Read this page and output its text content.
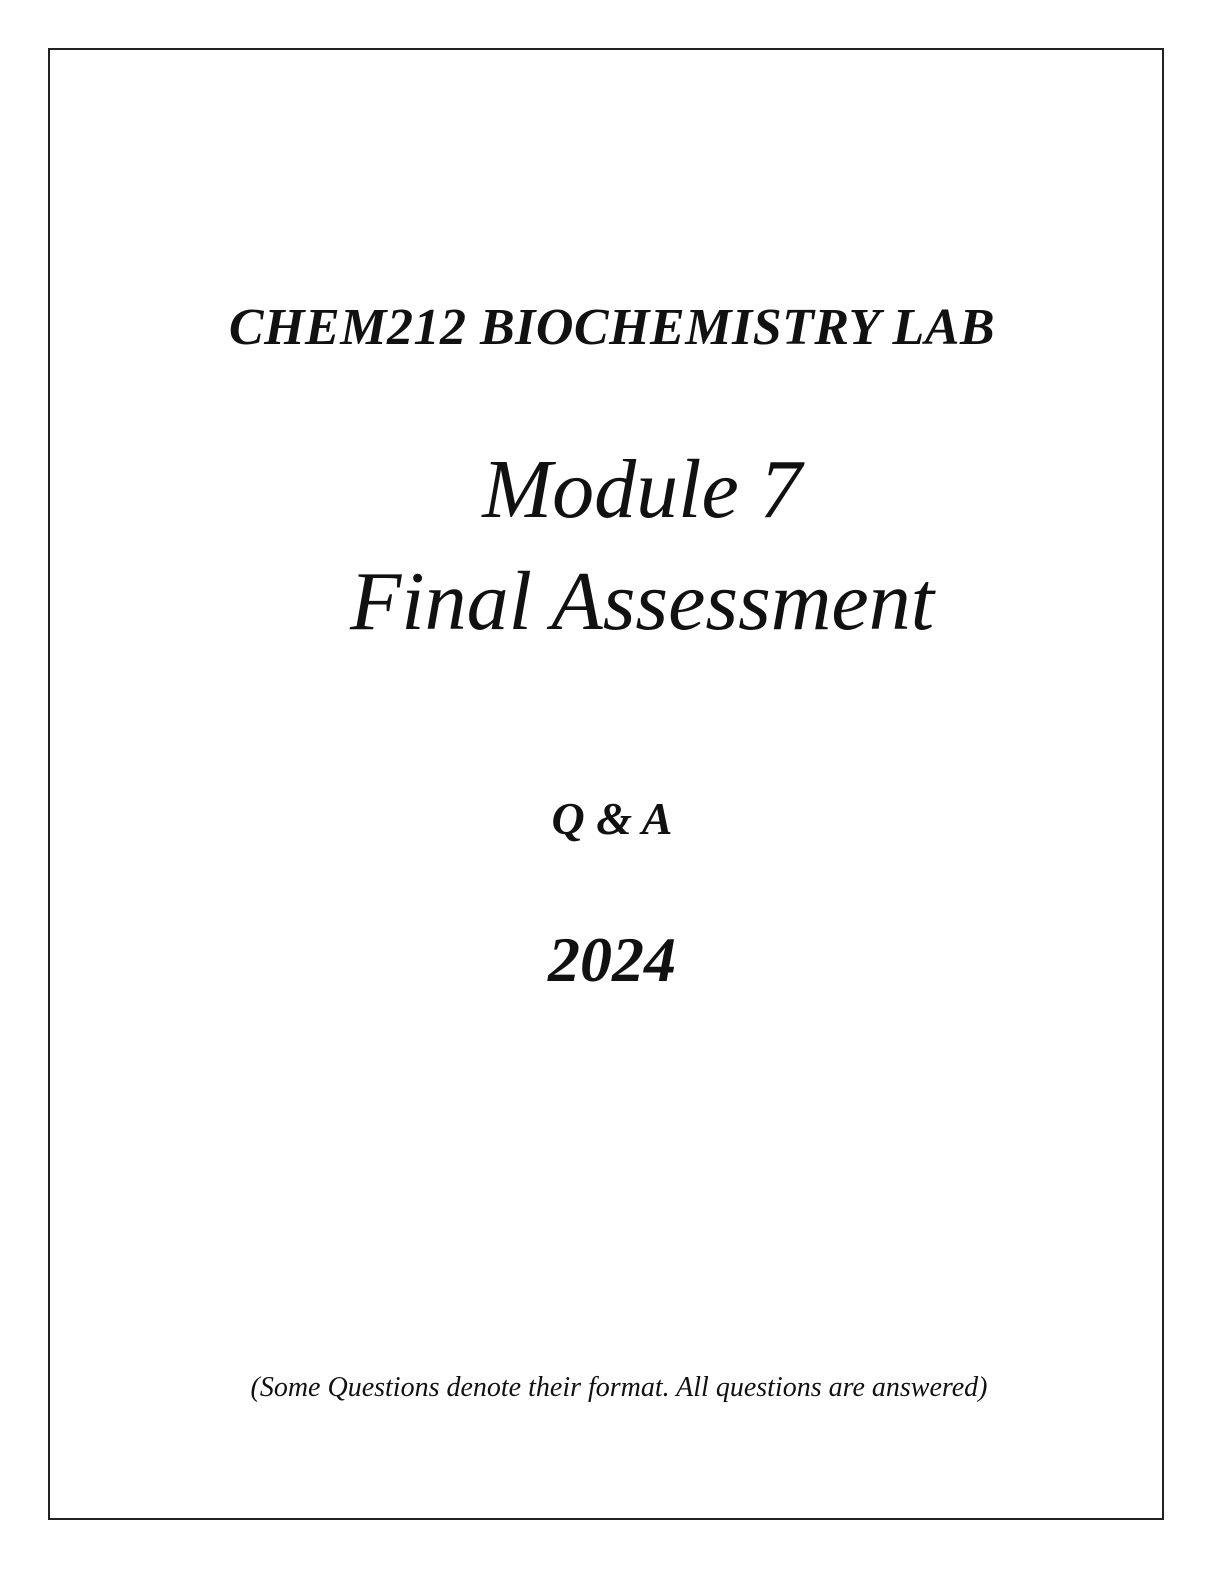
CHEM212 BIOCHEMISTRY LAB
Module 7
Final Assessment
Q & A
2024
(Some Questions denote their format. All questions are answered)
